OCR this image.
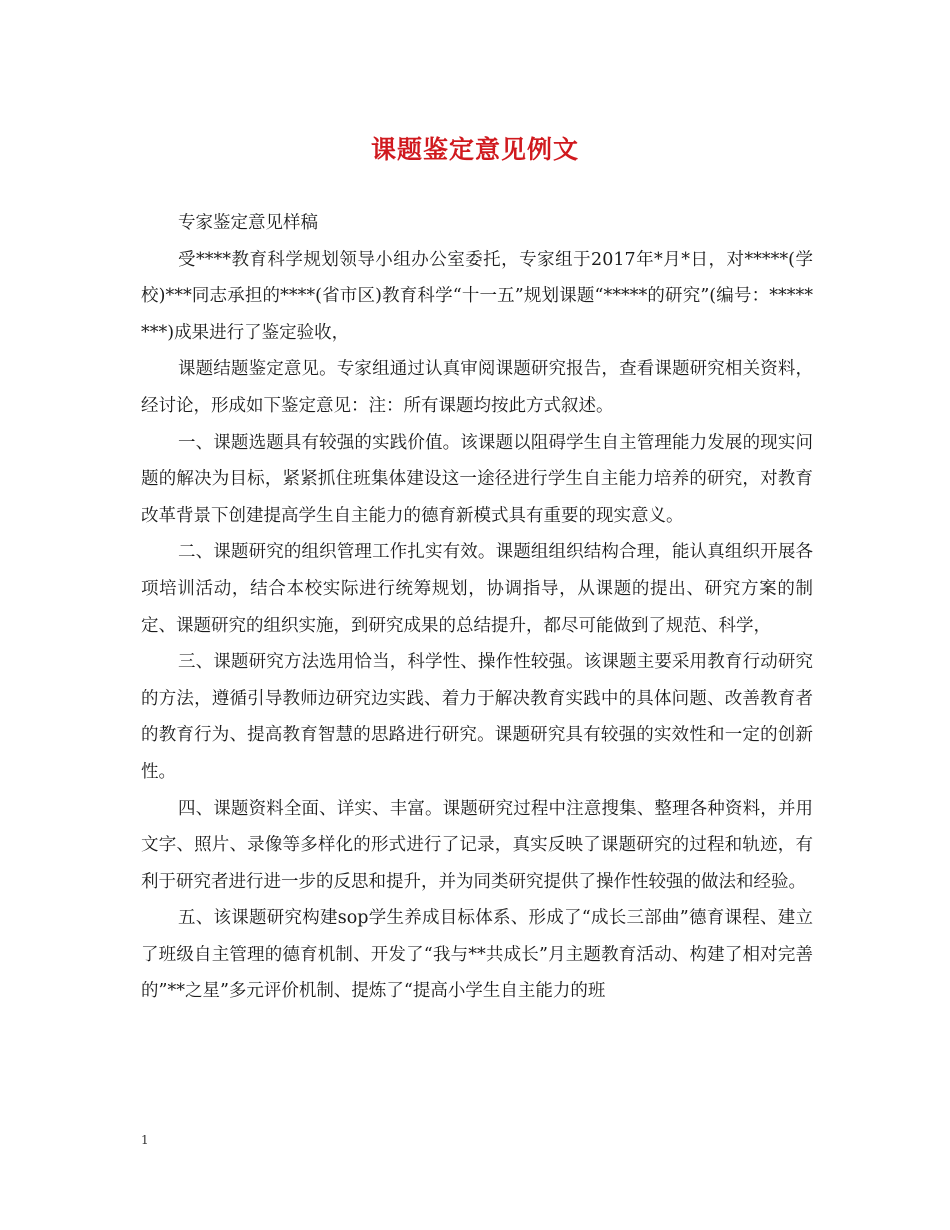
课题鉴定意见例文

专家鉴定意见样稿

受****教育科学规划领导小组办公室委托，专家组于2017年*月*日，对*****(学校)***同志承担的****(省市区)教育科学“十一五”规划课题“*****的研究”(编号：********)成果进行了鉴定验收，

课题结题鉴定意见。专家组通过认真审阅课题研究报告，查看课题研究相关资料，经讨论，形成如下鉴定意见：注：所有课题均按此方式叙述。

一、课题选题具有较强的实践价值。该课题以阻碍学生自主管理能力发展的现实问题的解决为目标，紧紧抓住班集体建设这一途径进行学生自主能力培养的研究，对教育改革背景下创建提高学生自主能力的德育新模式具有重要的现实意义。

二、课题研究的组织管理工作扎实有效。课题组组织结构合理，能认真组织开展各项培训活动，结合本校实际进行统筹规划，协调指导，从课题的提出、研究方案的制定、课题研究的组织实施，到研究成果的总结提升，都尽可能做到了规范、科学，

三、课题研究方法选用恰当，科学性、操作性较强。该课题主要采用教育行动研究的方法，遵循引导教师边研究边实践、着力于解决教育实践中的具体问题、改善教育者的教育行为、提高教育智慧的思路进行研究。课题研究具有较强的实效性和一定的创新性。

四、课题资料全面、详实、丰富。课题研究过程中注意搜集、整理各种资料，并用文字、照片、录像等多样化的形式进行了记录，真实反映了课题研究的过程和轨迹，有利于研究者进行进一步的反思和提升，并为同类研究提供了操作性较强的做法和经验。

五、该课题研究构建sop学生养成目标体系、形成了“成长三部曲”德育课程、建立了班级自主管理的德育机制、开发了“我与**共成长”月主题教育活动、构建了相对完善的”**之星”多元评价机制、提炼了“提高小学生自主能力的班

1
